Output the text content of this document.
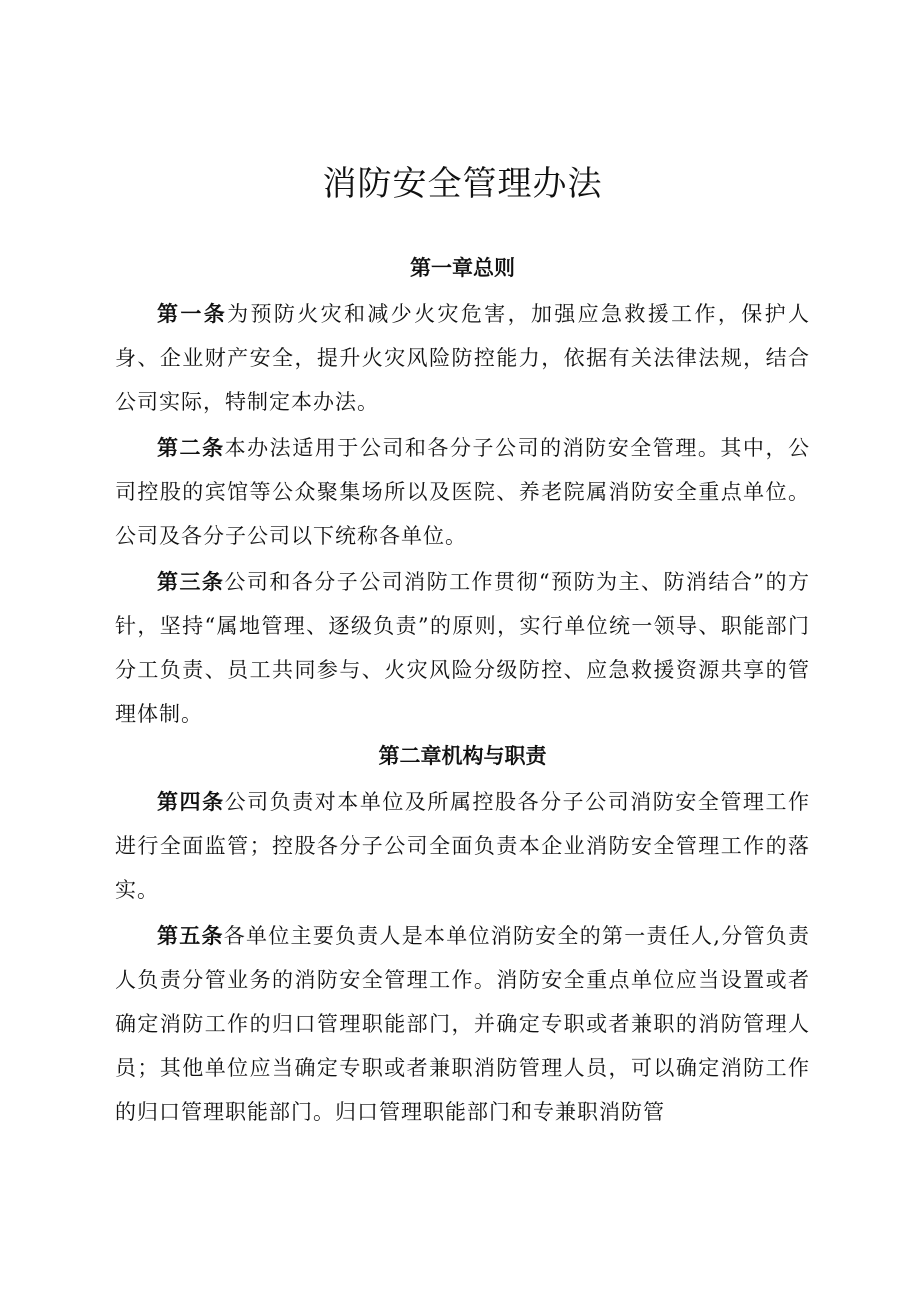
消防安全管理办法
第一章总则

第一条为预防火灾和减少火灾危害，加强应急救援工作，保护人身、企业财产安全，提升火灾风险防控能力，依据有关法律法规，结合公司实际，特制定本办法。

第二条本办法适用于公司和各分子公司的消防安全管理。其中，公司控股的宾馆等公众聚集场所以及医院、养老院属消防安全重点单位。公司及各分子公司以下统称各单位。

第三条公司和各分子公司消防工作贯彻“预防为主、防消结合”的方针，坚持“属地管理、逐级负责”的原则，实行单位统一领导、职能部门分工负责、员工共同参与、火灾风险分级防控、应急救援资源共享的管理体制。

第二章机构与职责

第四条公司负责对本单位及所属控股各分子公司消防安全管理工作进行全面监管；控股各分子公司全面负责本企业消防安全管理工作的落实。

第五条各单位主要负责人是本单位消防安全的第一责任人,分管负责人负责分管业务的消防安全管理工作。消防安全重点单位应当设置或者确定消防工作的归口管理职能部门，并确定专职或者兼职的消防管理人员；其他单位应当确定专职或者兼职消防管理人员，可以确定消防工作的归口管理职能部门。归口管理职能部门和专兼职消防管
